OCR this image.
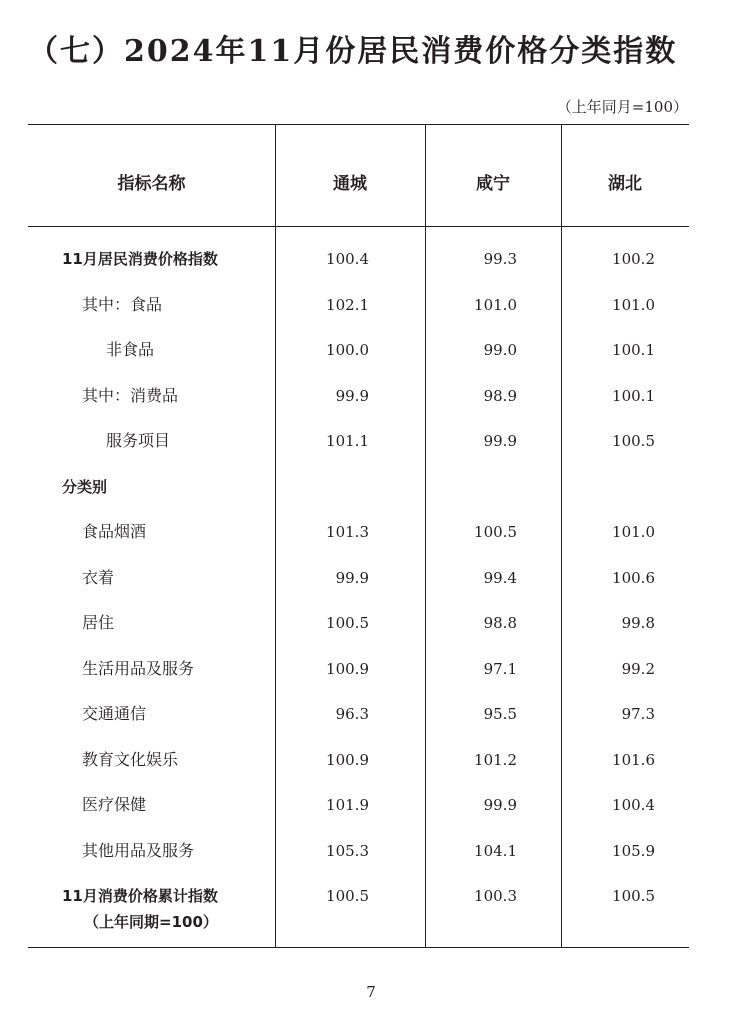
（七）2024年11月份居民消费价格分类指数
（上年同月=100）
指标名称	通城	咸宁	湖北
11月居民消费价格指数	100.4	99.3	100.2
其中：食品	102.1	101.0	101.0
非食品	100.0	99.0	100.1
其中：消费品	99.9	98.9	100.1
服务项目	101.1	99.9	100.5
分类别
食品烟酒	101.3	100.5	101.0
衣着	99.9	99.4	100.6
居住	100.5	98.8	99.8
生活用品及服务	100.9	97.1	99.2
交通通信	96.3	95.5	97.3
教育文化娱乐	100.9	101.2	101.6
医疗保健	101.9	99.9	100.4
其他用品及服务	105.3	104.1	105.9
11月消费价格累计指数	100.5	100.3	100.5
（上年同期=100）
7
